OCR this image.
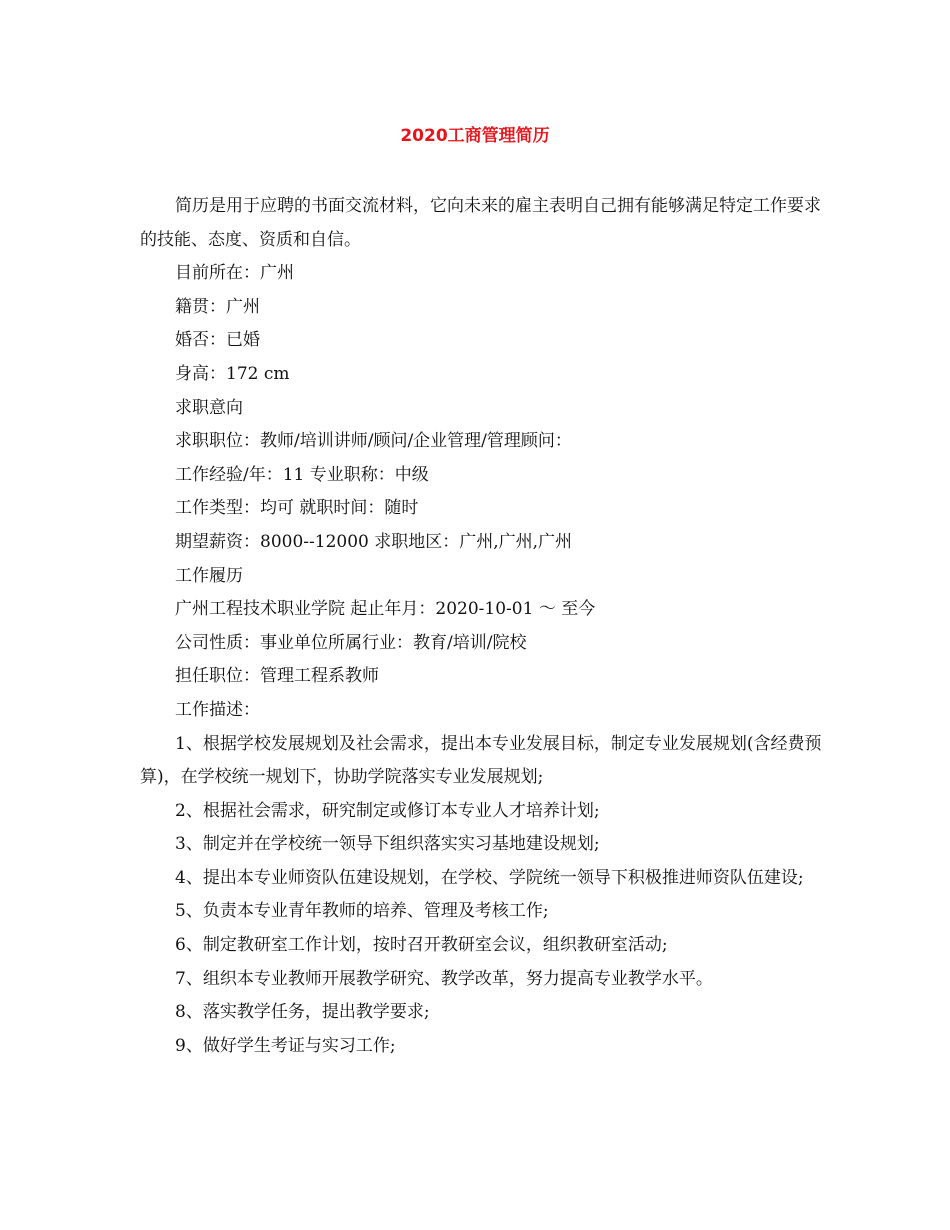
2020工商管理简历

简历是用于应聘的书面交流材料，它向未来的雇主表明自己拥有能够满足特定工作要求的技能、态度、资质和自信。

目前所在：广州

籍贯：广州

婚否：已婚

身高：172 cm

求职意向

求职职位：教师/培训讲师/顾问/企业管理/管理顾问：

工作经验/年：11 专业职称：中级

工作类型：均可 就职时间：随时

期望薪资：8000--12000 求职地区：广州,广州,广州

工作履历

广州工程技术职业学院 起止年月：2020-10-01 ～ 至今

公司性质：事业单位所属行业：教育/培训/院校

担任职位：管理工程系教师

工作描述：

1、根据学校发展规划及社会需求，提出本专业发展目标，制定专业发展规划(含经费预算)，在学校统一规划下，协助学院落实专业发展规划;

2、根据社会需求，研究制定或修订本专业人才培养计划;

3、制定并在学校统一领导下组织落实实习基地建设规划;

4、提出本专业师资队伍建设规划，在学校、学院统一领导下积极推进师资队伍建设;

5、负责本专业青年教师的培养、管理及考核工作;

6、制定教研室工作计划，按时召开教研室会议，组织教研室活动;

7、组织本专业教师开展教学研究、教学改革，努力提高专业教学水平。

8、落实教学任务，提出教学要求;

9、做好学生考证与实习工作;
